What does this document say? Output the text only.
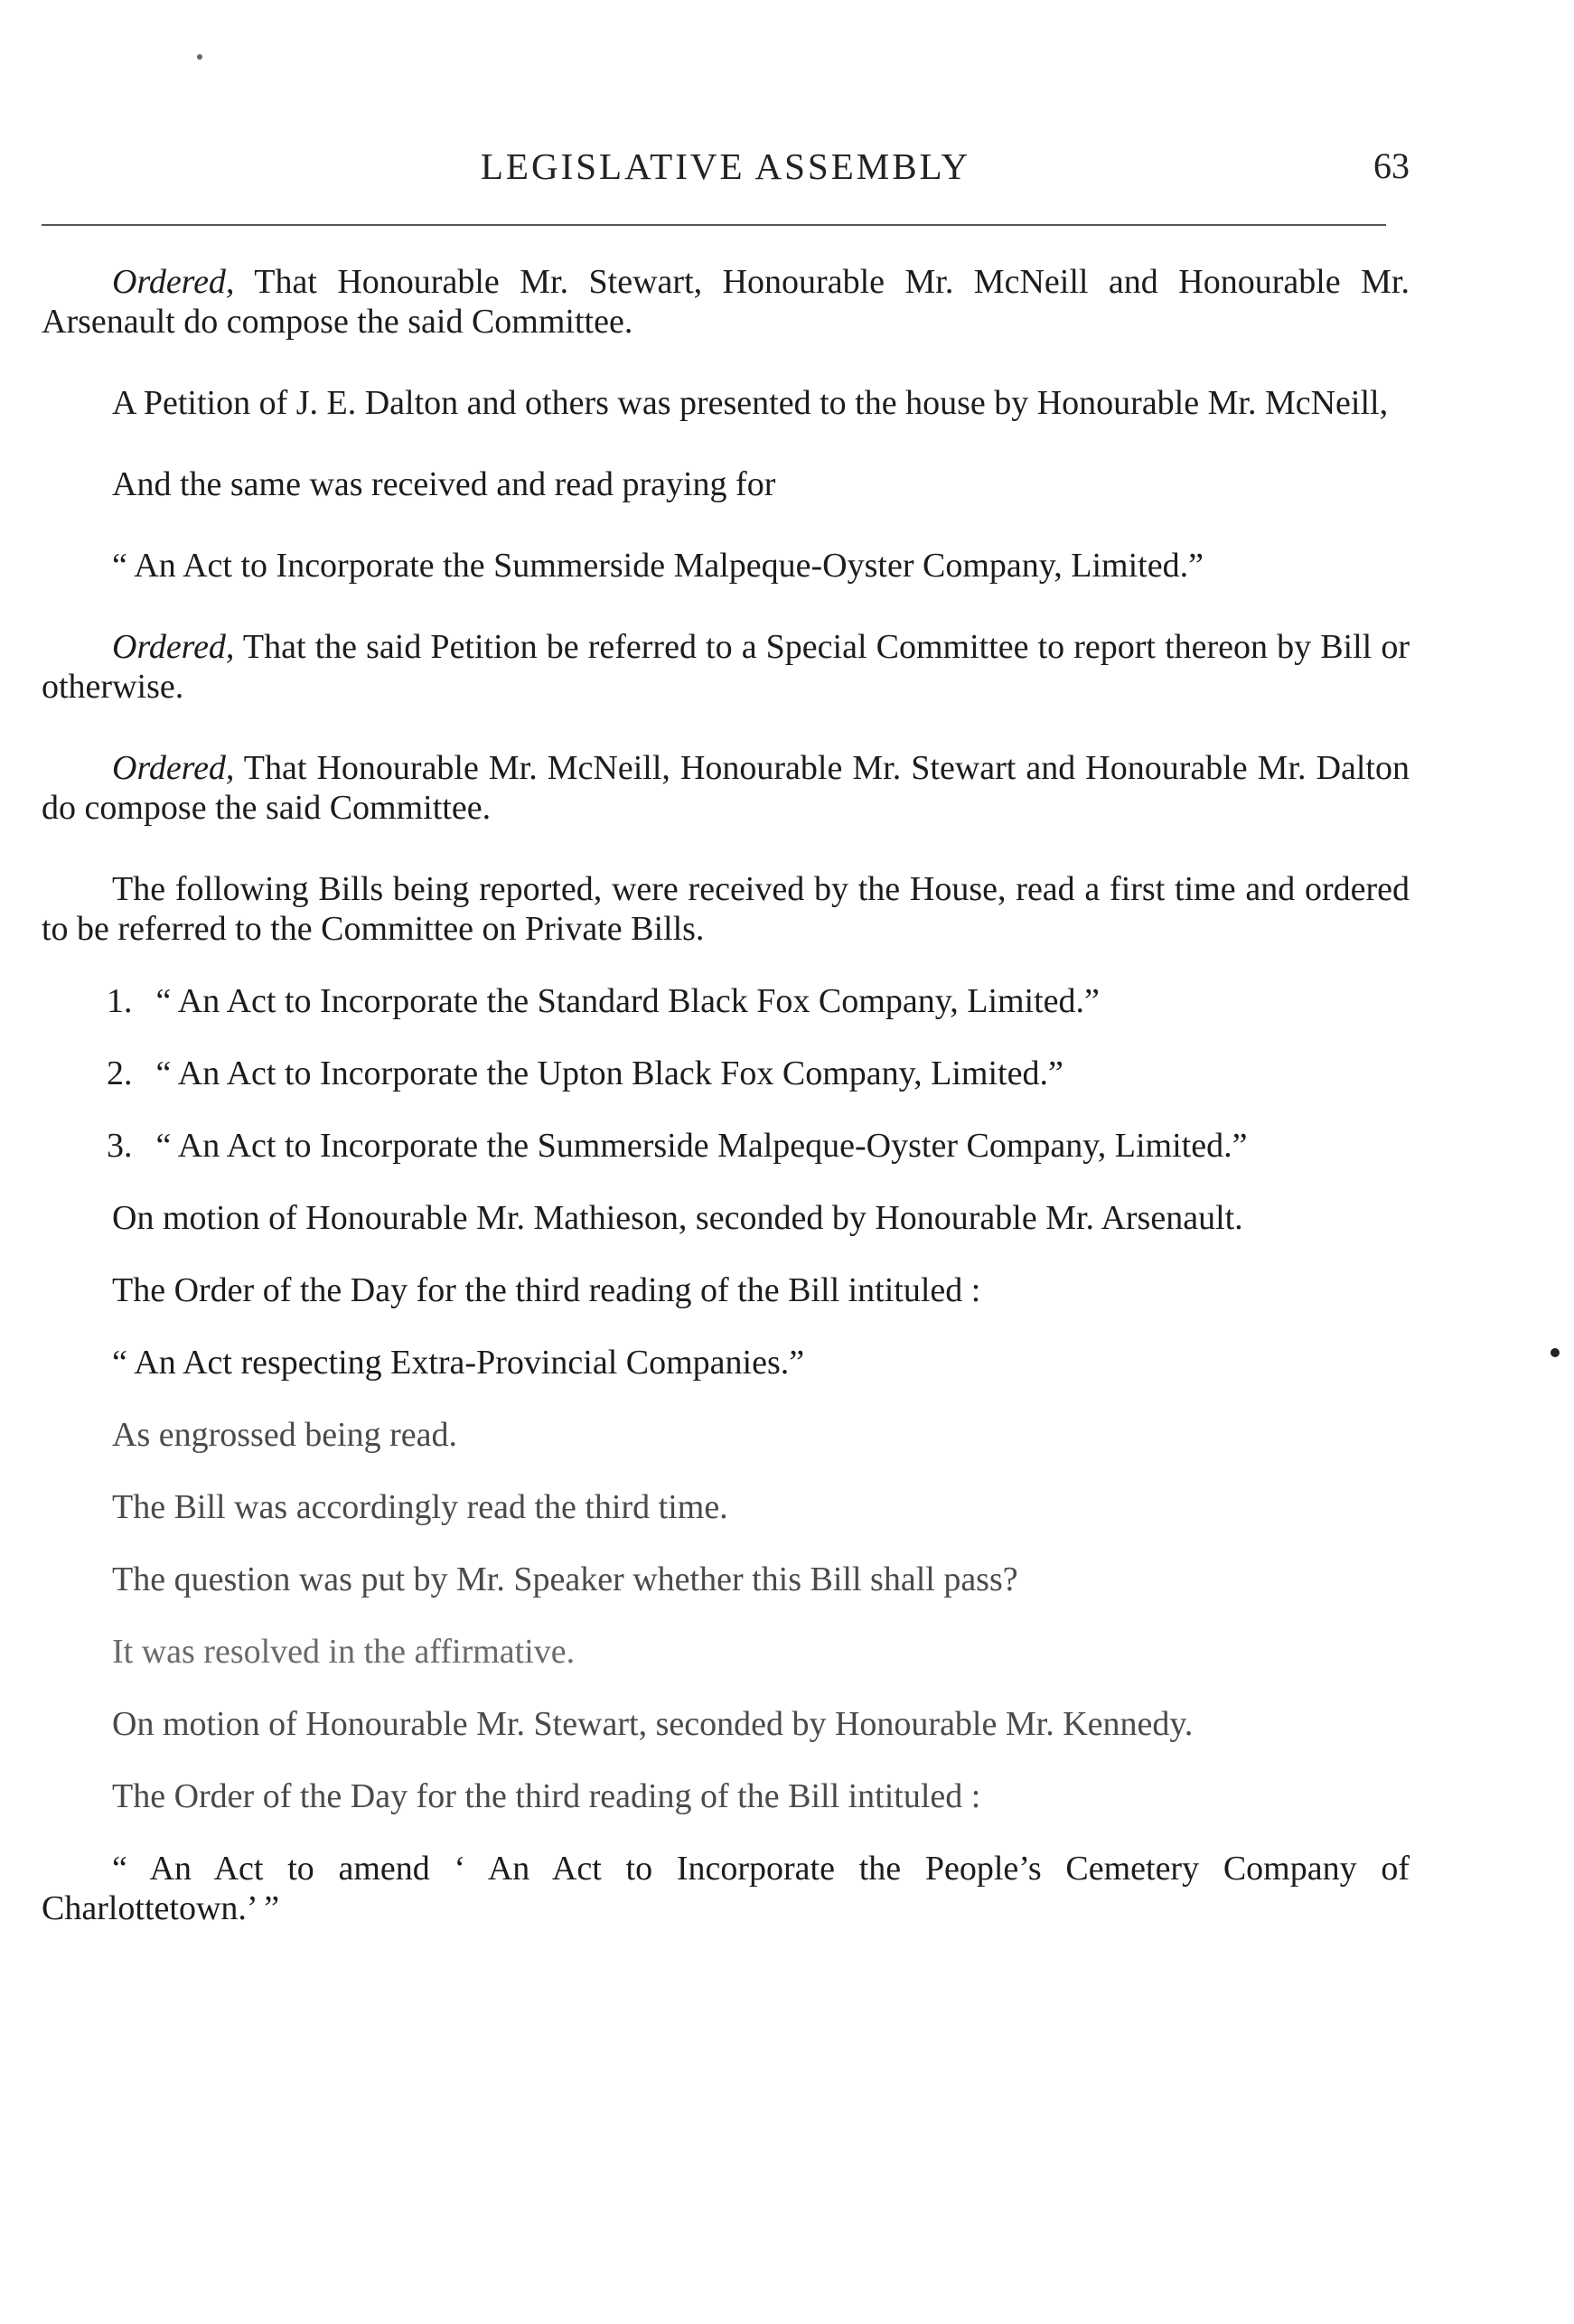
LEGISLATIVE ASSEMBLY	63

Ordered, That Honourable Mr. Stewart, Honourable Mr. McNeill and Honourable Mr. Arsenault do compose the said Committee.

A Petition of J. E. Dalton and others was presented to the house by Honourable Mr. McNeill,

And the same was received and read praying for

“ An Act to Incorporate the Summerside Malpeque-Oyster Company, Limited.”

Ordered, That the said Petition be referred to a Special Committee to report thereon by Bill or otherwise.

Ordered, That Honourable Mr. McNeill, Honourable Mr. Stewart and Honourable Mr. Dalton do compose the said Committee.

The following Bills being reported, were received by the House, read a first time and ordered to be referred to the Committee on Private Bills.

1. “ An Act to Incorporate the Standard Black Fox Company, Limited.”

2. “ An Act to Incorporate the Upton Black Fox Company, Limited.”

3. “ An Act to Incorporate the Summerside Malpeque-Oyster Company, Limited.”

On motion of Honourable Mr. Mathieson, seconded by Honourable Mr. Arsenault.

The Order of the Day for the third reading of the Bill intituled :

“ An Act respecting Extra-Provincial Companies.”

As engrossed being read.

The Bill was accordingly read the third time.

The question was put by Mr. Speaker whether this Bill shall pass?

It was resolved in the affirmative.

On motion of Honourable Mr. Stewart, seconded by Honourable Mr. Kennedy.

The Order of the Day for the third reading of the Bill intituled :

“ An Act to amend ‘ An Act to Incorporate the People’s Cemetery Company of Charlottetown.’ ”
